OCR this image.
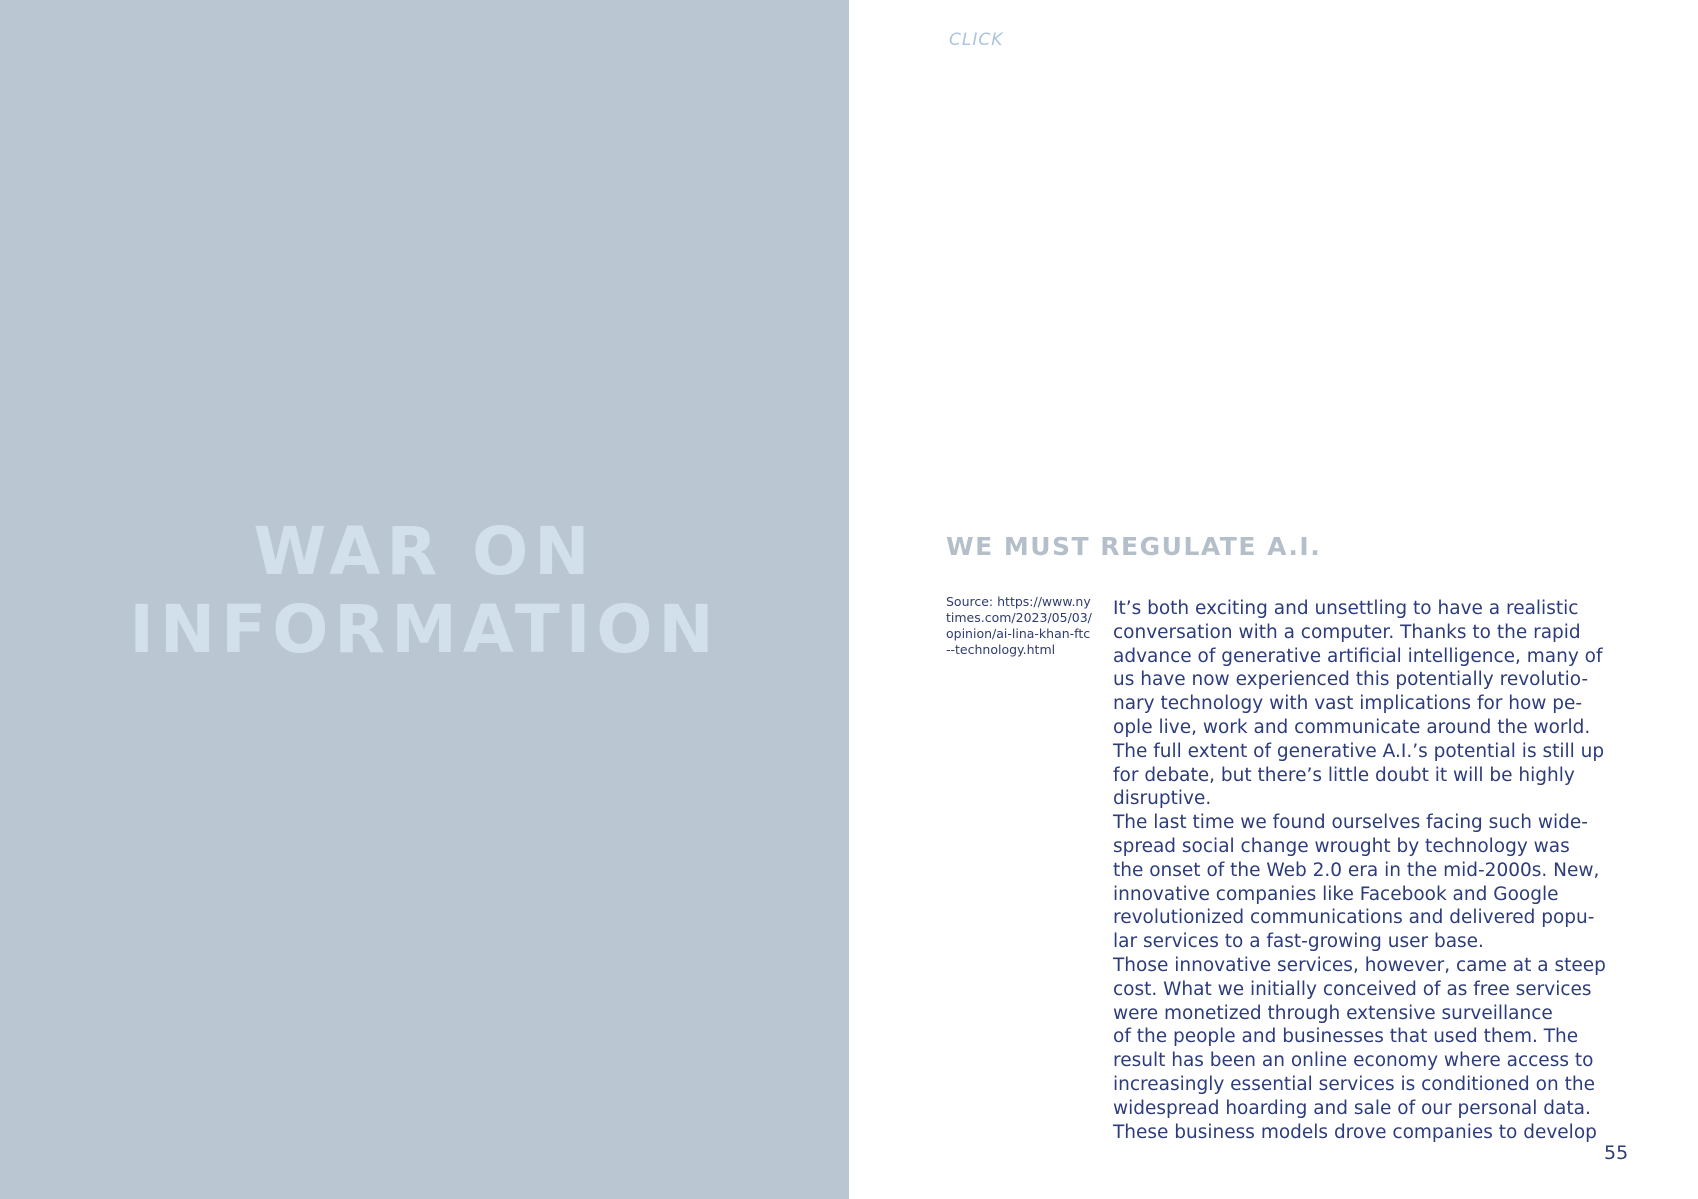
WAR ON
INFORMATION
CLICK
WE MUST REGULATE A.I.
Source: https://www.nytimes.com/2023/05/03/opinion/ai-lina-khan-ftc--technology.html
It’s both exciting and unsettling to have a realistic
conversation with a computer. Thanks to the rapid
advance of generative artificial intelligence, many of
us have now experienced this potentially revolutio-
nary technology with vast implications for how pe-
ople live, work and communicate around the world.
The full extent of generative A.I.’s potential is still up
for debate, but there’s little doubt it will be highly
disruptive.
The last time we found ourselves facing such wide-
spread social change wrought by technology was
the onset of the Web 2.0 era in the mid-2000s. New,
innovative companies like Facebook and Google
revolutionized communications and delivered popu-
lar services to a fast-growing user base.
Those innovative services, however, came at a steep
cost. What we initially conceived of as free services
were monetized through extensive surveillance
of the people and businesses that used them. The
result has been an online economy where access to
increasingly essential services is conditioned on the
widespread hoarding and sale of our personal data.
These business models drove companies to develop
55
